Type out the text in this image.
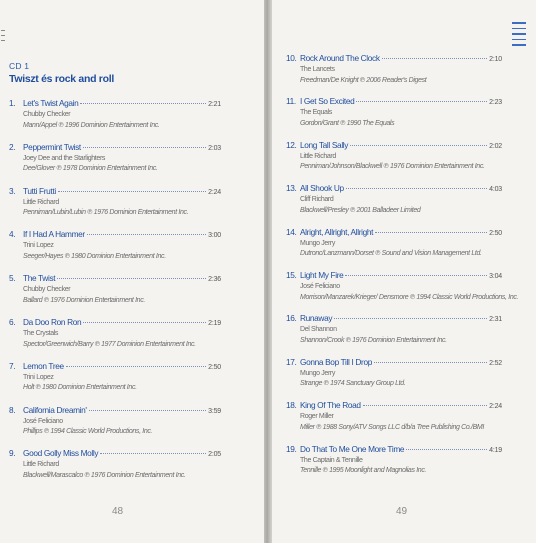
CD 1
Twiszt és rock and roll
1. Let's Twist Again	2:21
Chubby Checker
Mann/Appel ℗ 1996 Dominion Entertainment Inc.
2. Peppermint Twist	2:03
Joey Dee and the Starlighters
Dee/Glover ℗ 1978 Dominion Entertainment Inc.
3. Tutti Frutti	2:24
Little Richard
Penniman/Lubin/Lubin ℗ 1976 Dominion Entertainment Inc.
4. If I Had A Hammer	3:00
Trini Lopez
Seeger/Hayes ℗ 1980 Dominion Entertainment Inc.
5. The Twist	2:36
Chubby Checker
Ballard ℗ 1976 Dominion Entertainment Inc.
6. Da Doo Ron Ron	2:19
The Crystals
Spector/Greenwich/Barry ℗ 1977 Dominion Entertainment Inc.
7. Lemon Tree	2:50
Trini Lopez
Holt ℗ 1980 Dominion Entertainment Inc.
8. California Dreamin'	3:59
José Feliciano
Phillips ℗ 1994 Classic World Productions, Inc.
9. Good Golly Miss Molly	2:05
Little Richard
Blackwell/Marascalco ℗ 1976 Dominion Entertainment Inc.
48
10. Rock Around The Clock	2:10
The Lancets
Freedman/De Knight ℗ 2006 Reader's Digest
11. I Get So Excited	2:23
The Equals
Gordon/Grant ℗ 1990 The Equals
12. Long Tall Sally	2:02
Little Richard
Penniman/Johnson/Blackwell ℗ 1976 Dominion Entertainment Inc.
13. All Shook Up	4:03
Cliff Richard
Blackwell/Presley ℗ 2001 Balladeer Limited
14. Alright, Allright, Allright	2:50
Mungo Jerry
Dutronc/Lanzmann/Dorset ℗ Sound and Vision Management Ltd.
15. Light My Fire	3:04
José Feliciano
Morrison/Manzarek/Krieger/ Densmore ℗ 1994 Classic World Productions, Inc.
16. Runaway	2:31
Del Shannon
Shannon/Crook ℗ 1976 Dominion Entertainment Inc.
17. Gonna Bop Till I Drop	2:52
Mungo Jerry
Strange ℗ 1974 Sanctuary Group Ltd.
18. King Of The Road	2:24
Roger Miller
Miller ℗ 1988 Sony/ATV Songs LLC d/b/a Tree Publishing Co./BMI
19. Do That To Me One More Time	4:19
The Captain & Tennille
Tennille ℗ 1995 Moonlight and Magnolias Inc.
49
